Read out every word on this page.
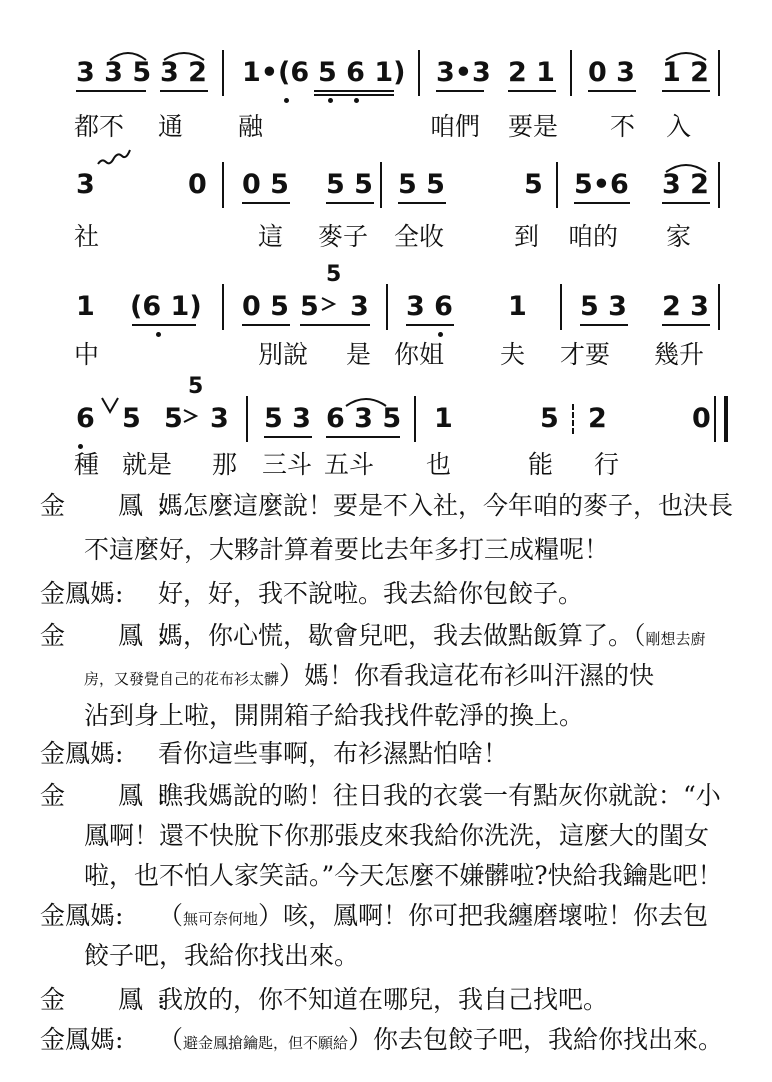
3 3 5 3 2 1•(6 5 6 1) 3•3 2 1 0 3 1 2
都不 通 融	咱們 要是 不 入
3	0 0 5 5 5 5 5	5 5•6 3 2
社	這 麥子 全收	到 咱的 家
1 (6 1) 0 5 5
5
3 3 6 1 5 3 2 3
中	別說 是 你姐 夫 才要 幾升
6 5 5
5
3 5 3 6 3 5 1	5 2	0
種 就是 那 三斗 五斗 也	能 行
金　鳳:
媽怎麼這麼說！要是不入社，今年咱的麥子，也決長
不這麼好，大夥計算着要比去年多打三成糧呢！
金鳳媽: 好，好，我不說啦。我去給你包餃子。
金　鳳:
媽，你心慌，歇會兒吧，我去做點飯算了。（剛想去廚
房，又發覺自己的花布衫太髒）媽！你看我這花布衫叫汗濕的快
沾到身上啦，開開箱子給我找件乾淨的換上。
金鳳媽: 看你這些事啊，布衫濕點怕啥！
金　鳳:
瞧我媽說的喲！往日我的衣裳一有點灰你就說：“小
鳳啊！還不快脫下你那張皮來我給你洗洗，這麼大的閨女
啦，也不怕人家笑話。”今天怎麼不嫌髒啦?快給我鑰匙吧！
金鳳媽: （無可奈何地）咳，鳳啊！你可把我纏磨壞啦！你去包
餃子吧，我給你找出來。
金　鳳:
我放的，你不知道在哪兒，我自己找吧。
金鳳媽: （避金鳳搶鑰匙，但不願給）你去包餃子吧，我給你找出來。
